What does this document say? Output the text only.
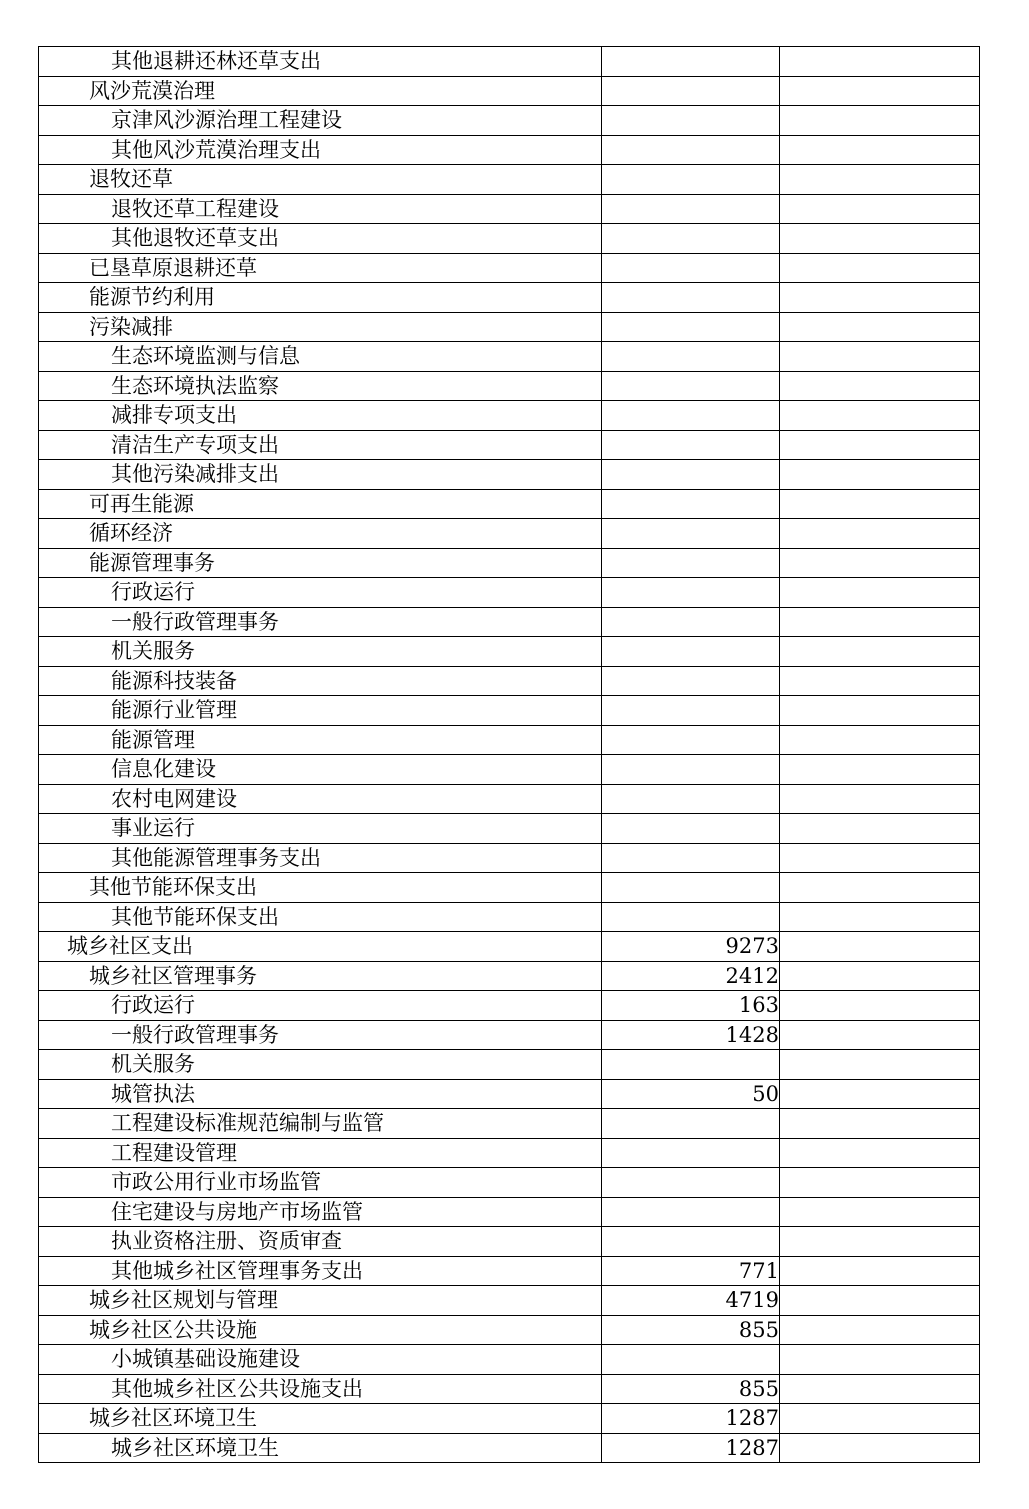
其他退耕还林还草支出		
风沙荒漠治理		
京津风沙源治理工程建设		
其他风沙荒漠治理支出		
退牧还草		
退牧还草工程建设		
其他退牧还草支出		
已垦草原退耕还草		
能源节约利用		
污染减排		
生态环境监测与信息		
生态环境执法监察		
减排专项支出		
清洁生产专项支出		
其他污染减排支出		
可再生能源		
循环经济		
能源管理事务		
行政运行		
一般行政管理事务		
机关服务		
能源科技装备		
能源行业管理		
能源管理		
信息化建设		
农村电网建设		
事业运行		
其他能源管理事务支出		
其他节能环保支出		
其他节能环保支出		
城乡社区支出	9273	
城乡社区管理事务	2412	
行政运行	163	
一般行政管理事务	1428	
机关服务		
城管执法	50	
工程建设标准规范编制与监管		
工程建设管理		
市政公用行业市场监管		
住宅建设与房地产市场监管		
执业资格注册、资质审查		
其他城乡社区管理事务支出	771	
城乡社区规划与管理	4719	
城乡社区公共设施	855	
小城镇基础设施建设		
其他城乡社区公共设施支出	855	
城乡社区环境卫生	1287	
城乡社区环境卫生	1287	
